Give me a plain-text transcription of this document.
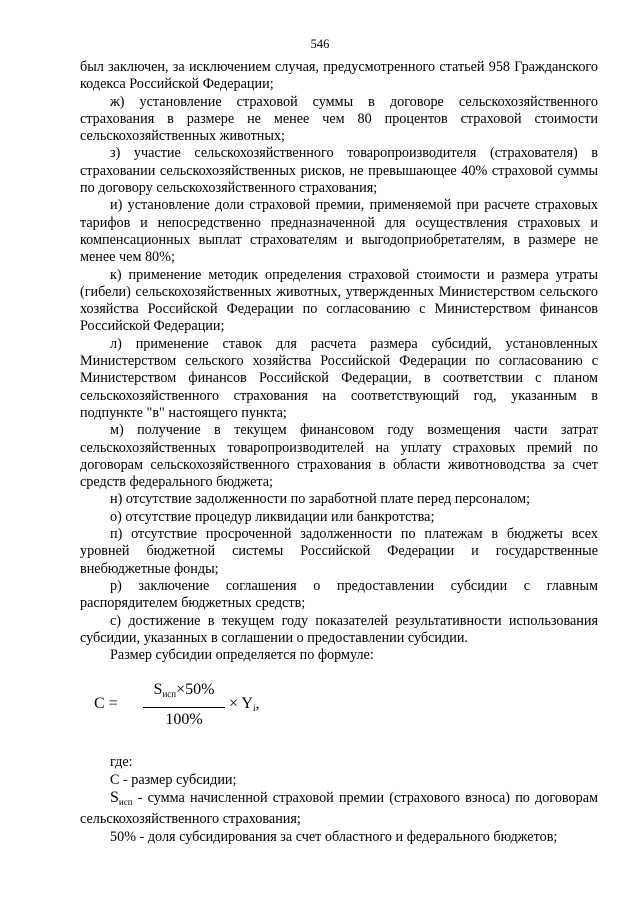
546

был заключен, за исключением случая, предусмотренного статьей 958 Гражданского кодекса Российской Федерации;

ж) установление страховой суммы в договоре сельскохозяйственного страхования в размере не менее чем 80 процентов страховой стоимости сельскохозяйственных животных;

з) участие сельскохозяйственного товаропроизводителя (страхователя) в страховании сельскохозяйственных рисков, не превышающее 40% страховой суммы по договору сельскохозяйственного страхования;

и) установление доли страховой премии, применяемой при расчете страховых тарифов и непосредственно предназначенной для осуществления страховых и компенсационных выплат страхователям и выгодоприобретателям, в размере не менее чем 80%;

к) применение методик определения страховой стоимости и размера утраты (гибели) сельскохозяйственных животных, утвержденных Министерством сельского хозяйства Российской Федерации по согласованию с Министерством финансов Российской Федерации;

л) применение ставок для расчета размера субсидий, установленных Министерством сельского хозяйства Российской Федерации по согласованию с Министерством финансов Российской Федерации, в соответствии с планом сельскохозяйственного страхования на соответствующий год, указанным в подпункте "в" настоящего пункта;

м) получение в текущем финансовом году возмещения части затрат сельскохозяйственных товаропроизводителей на уплату страховых премий по договорам сельскохозяйственного страхования в области животноводства за счет средств федерального бюджета;

н) отсутствие задолженности по заработной плате перед персоналом;

о) отсутствие процедур ликвидации или банкротства;

п) отсутствие просроченной задолженности по платежам в бюджеты всех уровней бюджетной системы Российской Федерации и государственные внебюджетные фонды;

р) заключение соглашения о предоставлении субсидии с главным распорядителем бюджетных средств;

с) достижение в текущем году показателей результативности использования субсидии, указанных в соглашении о предоставлении субсидии.

Размер субсидии определяется по формуле:

C =
$S_{исп}\times 50\%$
100%
× $Y_i$,

где:

С - размер субсидии;

$S_{исп}$ - сумма начисленной страховой премии (страхового взноса) по договорам сельскохозяйственного страхования;

50% - доля субсидирования за счет областного и федерального бюджетов;
